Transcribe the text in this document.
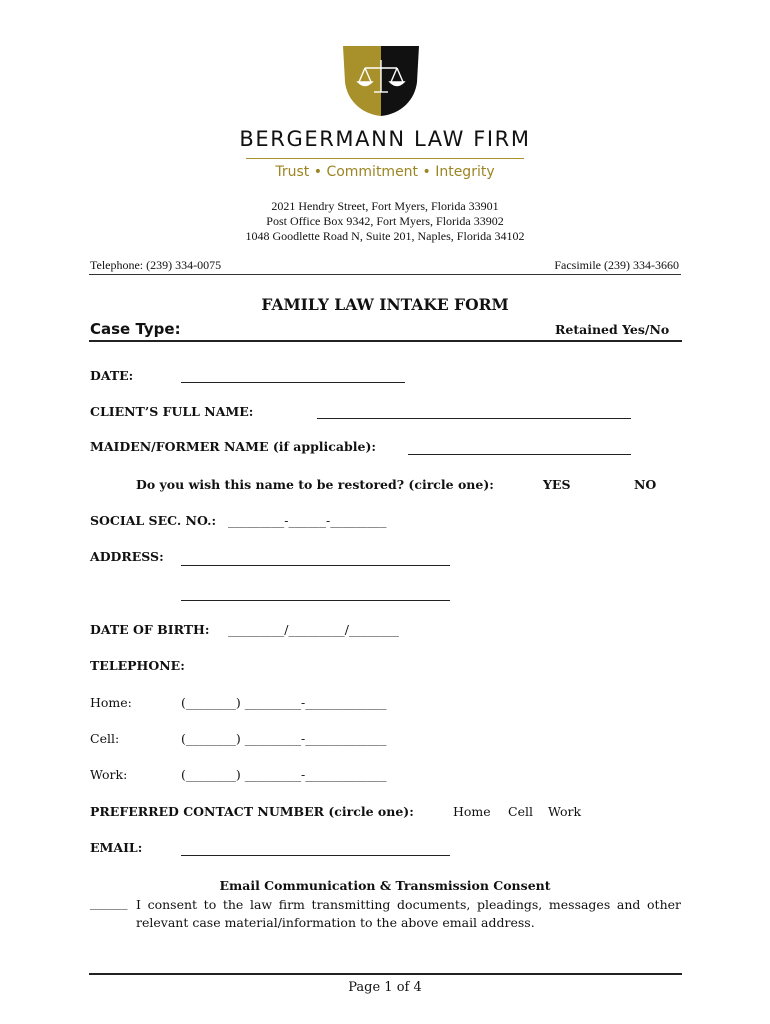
BERGERMANN LAW FIRM
Trust • Commitment • Integrity
2021 Hendry Street, Fort Myers, Florida 33901
Post Office Box 9342, Fort Myers, Florida 33902
1048 Goodlette Road N, Suite 201, Naples, Florida 34102
Telephone: (239) 334-0075	Facsimile (239) 334-3660
FAMILY LAW INTAKE FORM
Case Type:	Retained Yes/No
DATE:
CLIENT’S FULL NAME:
MAIDEN/FORMER NAME (if applicable):
Do you wish this name to be restored? (circle one):	YES	NO
SOCIAL SEC. NO.: _________-______-_________
ADDRESS:
DATE OF BIRTH: _________/_________/________
TELEPHONE:
Home:	(________) _________-_____________
Cell:	(________) _________-_____________
Work:	(________) _________-_____________
PREFERRED CONTACT NUMBER (circle one):	Home Cell Work
EMAIL:
Email Communication & Transmission Consent
______ I consent to the law firm transmitting documents, pleadings, messages and other relevant case material/information to the above email address.
Page 1 of 4
